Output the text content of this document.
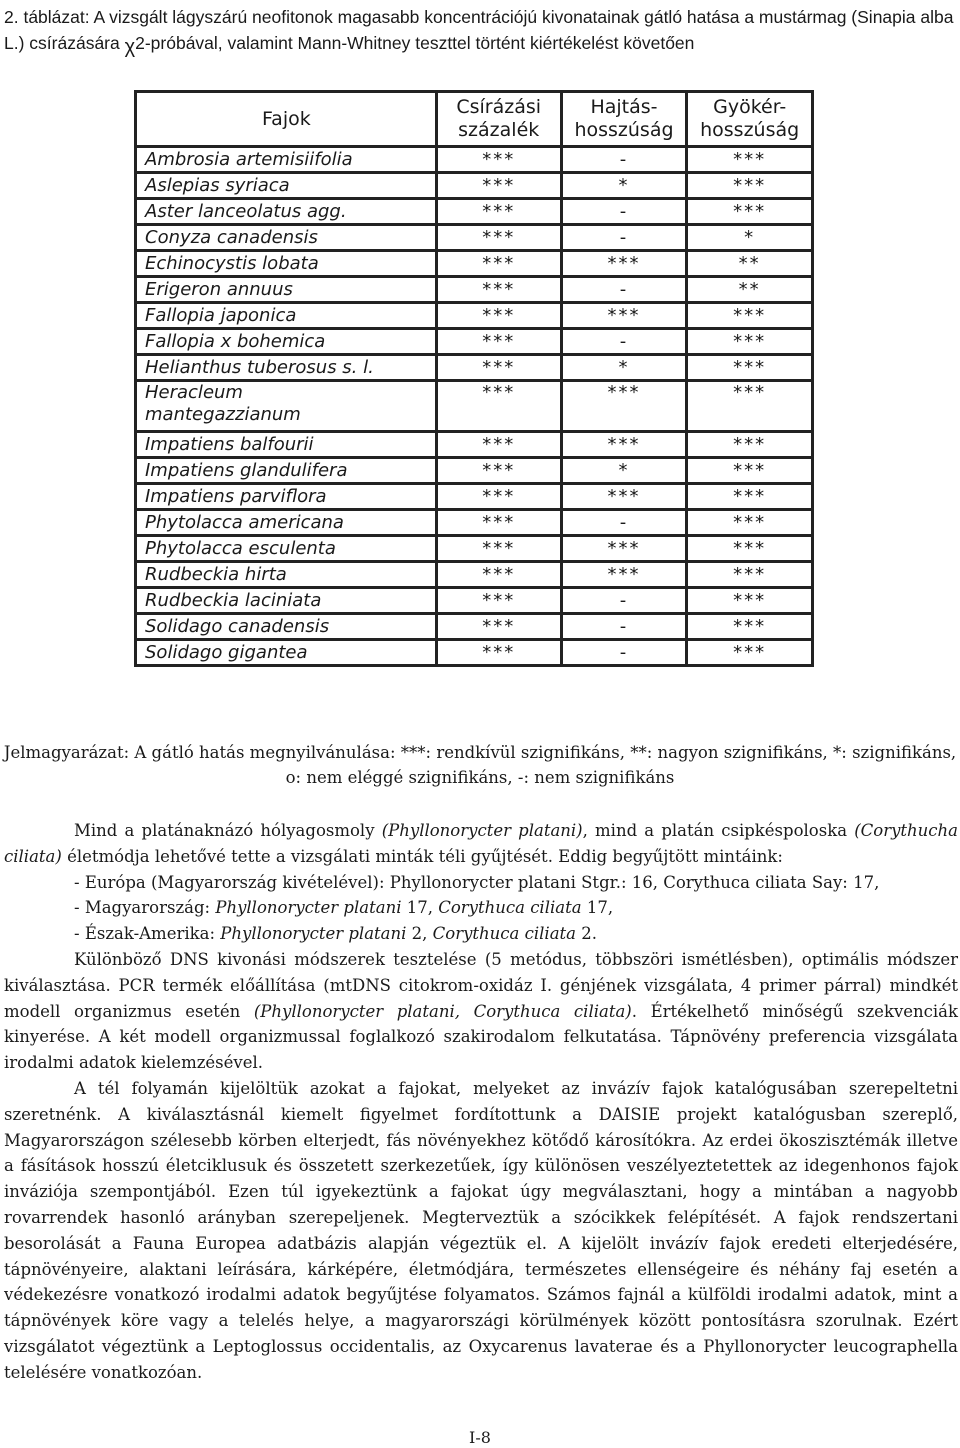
2. táblázat: A vizsgált lágyszárú neofitonok magasabb koncentrációjú kivonatainak gátló hatása a mustármag (Sinapia alba L.) csírázására χ2-próbával, valamint Mann-Whitney teszttel történt kiértékelést követően
Fajok	Csírázási százalék	Hajtás-hosszúság	Gyökér-hosszúság
Ambrosia artemisiifolia	***	-	***
Aslepias syriaca	***	*	***
Aster lanceolatus agg.	***	-	***
Conyza canadensis	***	-	*
Echinocystis lobata	***	***	**
Erigeron annuus	***	-	**
Fallopia japonica	***	***	***
Fallopia x bohemica	***	-	***
Helianthus tuberosus s. l.	***	*	***
Heracleum mantegazzianum	***	***	***
Impatiens balfourii	***	***	***
Impatiens glandulifera	***	*	***
Impatiens parviflora	***	***	***
Phytolacca americana	***	-	***
Phytolacca esculenta	***	***	***
Rudbeckia hirta	***	***	***
Rudbeckia laciniata	***	-	***
Solidago canadensis	***	-	***
Solidago gigantea	***	-	***
Jelmagyarázat: A gátló hatás megnyilvánulása: ***: rendkívül szignifikáns, **: nagyon szignifikáns, *: szignifikáns, o: nem eléggé szignifikáns, -: nem szignifikáns

Mind a platánaknázó hólyagosmoly (Phyllonorycter platani), mind a platán csipkéspoloska (Corythucha ciliata) életmódja lehetővé tette a vizsgálati minták téli gyűjtését. Eddig begyűjtött mintáink:

- Európa (Magyarország kivételével): Phyllonorycter platani Stgr.: 16, Corythuca ciliata Say: 17,

- Magyarország: Phyllonorycter platani 17, Corythuca ciliata 17,

- Észak-Amerika: Phyllonorycter platani 2, Corythuca ciliata 2.

Különböző DNS kivonási módszerek tesztelése (5 metódus, többszöri ismétlésben), optimális módszer kiválasztása. PCR termék előállítása (mtDNS citokrom-oxidáz I. génjének vizsgálata, 4 primer párral) mindkét modell organizmus esetén (Phyllonorycter platani, Corythuca ciliata). Értékelhető minőségű szekvenciák kinyerése. A két modell organizmussal foglalkozó szakirodalom felkutatása. Tápnövény preferencia vizsgálata irodalmi adatok kielemzésével.

A tél folyamán kijelöltük azokat a fajokat, melyeket az invázív fajok katalógusában szerepeltetni szeretnénk. A kiválasztásnál kiemelt figyelmet fordítottunk a DAISIE projekt katalógusban szereplő, Magyarországon szélesebb körben elterjedt, fás növényekhez kötődő károsítókra. Az erdei ökoszisztémák illetve a fásítások hosszú életciklusuk és összetett szerkezetűek, így különösen veszélyeztetettek az idegenhonos fajok inváziója szempontjából. Ezen túl igyekeztünk a fajokat úgy megválasztani, hogy a mintában a nagyobb rovarrendek hasonló arányban szerepeljenek. Megterveztük a szócikkek felépítését. A fajok rendszertani besorolását a Fauna Europea adatbázis alapján végeztük el. A kijelölt invázív fajok eredeti elterjedésére, tápnövényeire, alaktani leírására, kárképére, életmódjára, természetes ellenségeire és néhány faj esetén a védekezésre vonatkozó irodalmi adatok begyűjtése folyamatos. Számos fajnál a külföldi irodalmi adatok, mint a tápnövények köre vagy a telelés helye, a magyarországi körülmények között pontosításra szorulnak. Ezért vizsgálatot végeztünk a Leptoglossus occidentalis, az Oxycarenus lavaterae és a Phyllonorycter leucographella telelésére vonatkozóan.

I-8
